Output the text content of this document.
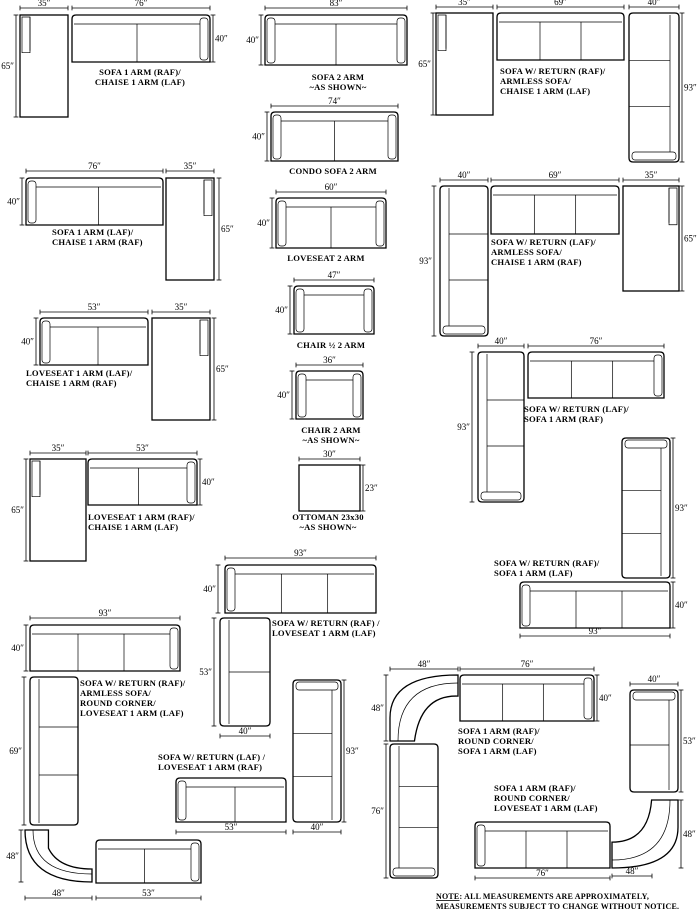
35″	76″
40″
65″
83″
40″
74″
40″
35″	69″	40″
65″
93″
76″	35″
40″
65″
60″
40″
40″	69″	35″
93″
65″
47″
40″
53″	35″
40″
65″
40″	76″
93″
36″
40″
35″	53″
40″
65″
30″
23″
93″
40″
93″
93″
40″
53″
40″
93″
40″
69″
48″
48″	53″
53″	40″
93″
48″	76″
48″
40″
76″
40″
53″
48″
76″	48″
SOFA 1 ARM (RAF)/
CHAISE 1 ARM (LAF)	SOFA 2 ARM
~AS SHOWN~
CONDO SOFA 2 ARM
SOFA W/ RETURN (RAF)/
ARMLESS SOFA/
CHAISE 1 ARM (LAF)
SOFA 1 ARM (LAF)/
CHAISE 1 ARM (RAF)
LOVESEAT 2 ARM
SOFA W/ RETURN (LAF)/
ARMLESS SOFA/
CHAISE 1 ARM (RAF)
CHAIR ½ 2 ARM
LOVESEAT 1 ARM (LAF)/
CHAISE 1 ARM (RAF)
SOFA W/ RETURN (LAF)/
SOFA 1 ARM (RAF)
CHAIR 2 ARM
~AS SHOWN~
LOVESEAT 1 ARM (RAF)/
CHAISE 1 ARM (LAF)
OTTOMAN 23x30
~AS SHOWN~
SOFA W/ RETURN (RAF)/
SOFA 1 ARM (LAF)
SOFA W/ RETURN (RAF) /
LOVESEAT 1 ARM (LAF)
SOFA W/ RETURN (RAF)/
ARMLESS SOFA/
ROUND CORNER/
LOVESEAT 1 ARM (LAF)
SOFA W/ RETURN (LAF) /
LOVESEAT 1 ARM (RAF)
SOFA 1 ARM (RAF)/
ROUND CORNER/
SOFA 1 ARM (LAF)
SOFA 1 ARM (RAF)/
ROUND CORNER/
LOVESEAT 1 ARM (LAF)
NOTE: ALL MEASUREMENTS ARE APPROXIMATELY,
MEASUREMENTS SUBJECT TO CHANGE WITHOUT NOTICE.
